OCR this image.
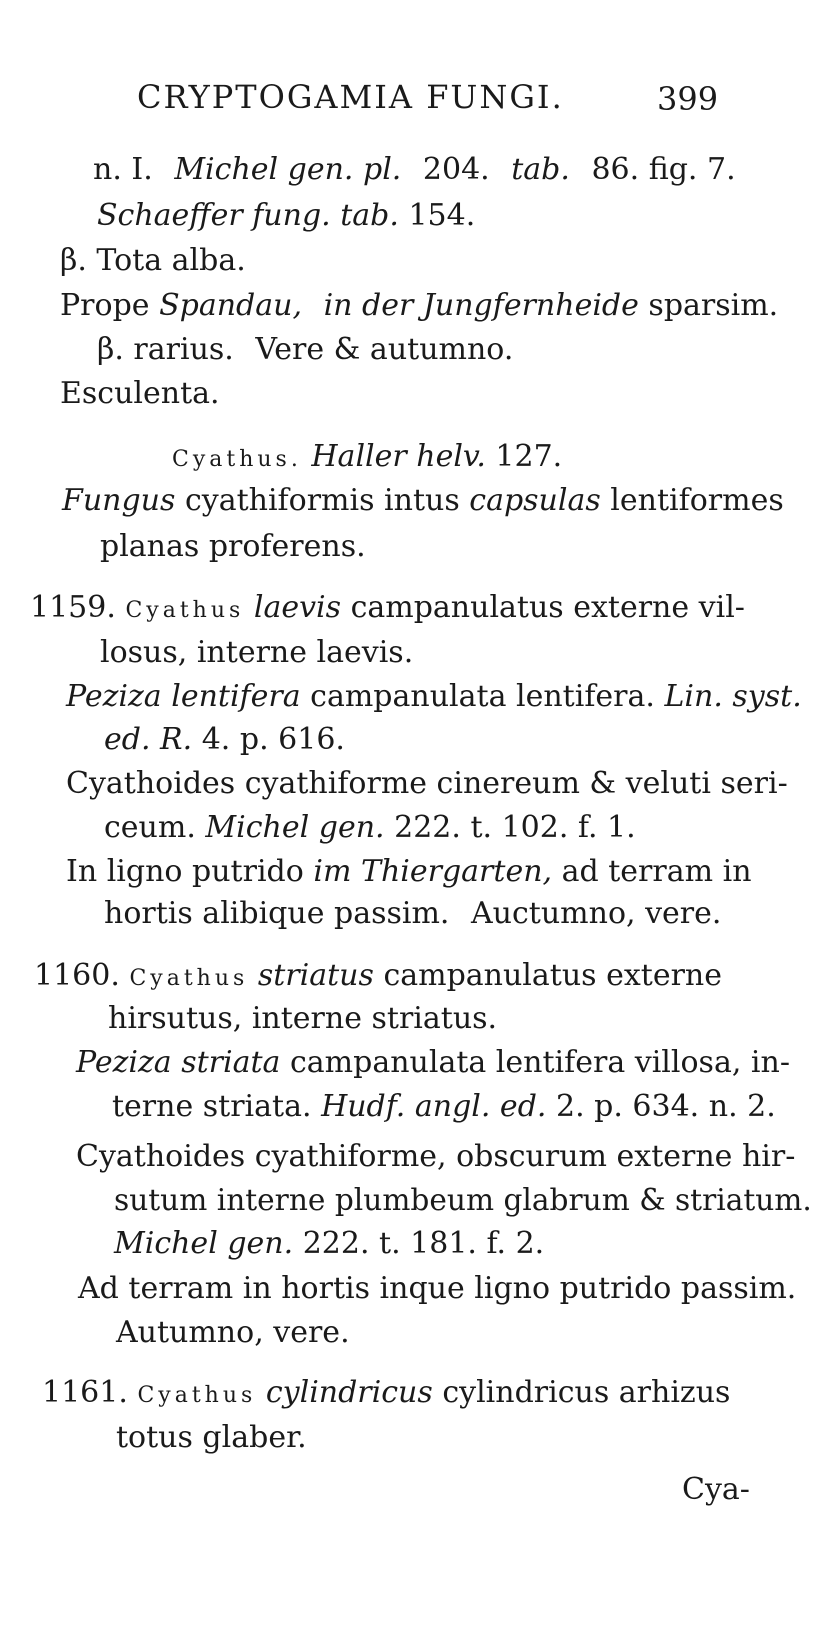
CRYPTOGAMIA FUNGI.	399
n. I. Michel gen. pl. 204. tab. 86. fig. 7.
Schaeffer fung. tab. 154.
β. Tota alba.
Prope Spandau, in der Jungfernheide sparsim.
β. rarius. Vere & autumno.
Esculenta.
Cyathus. Haller helv. 127.
Fungus cyathiformis intus capsulas lentiformes
planas proferens.
1159. Cyathus laevis campanulatus externe vil-
losus, interne laevis.
Peziza lentifera campanulata lentifera. Lin. syst.
ed. R. 4. p. 616.
Cyathoides cyathiforme cinereum & veluti seri-
ceum. Michel gen. 222. t. 102. f. 1.
In ligno putrido im Thiergarten, ad terram in
hortis alibique passim. Auctumno, vere.
1160. Cyathus striatus campanulatus externe
hirsutus, interne striatus.
Peziza striata campanulata lentifera villosa, in-
terne striata. Hudf. angl. ed. 2. p. 634. n. 2.
Cyathoides cyathiforme, obscurum externe hir-
sutum interne plumbeum glabrum & striatum.
Michel gen. 222. t. 181. f. 2.
Ad terram in hortis inque ligno putrido passim.
Autumno, vere.
1161. Cyathus cylindricus cylindricus arhizus
totus glaber.
Cya-
